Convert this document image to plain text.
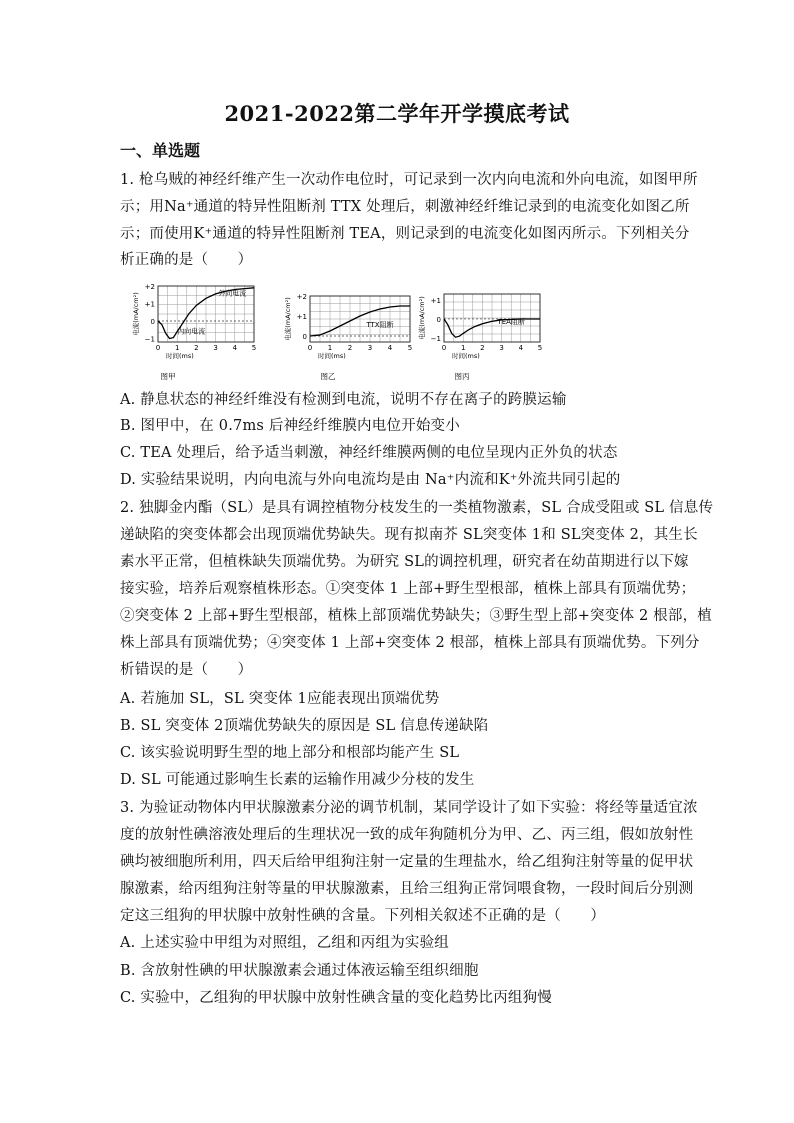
2021-2022第二学年开学摸底考试
一、单选题
1. 枪乌贼的神经纤维产生一次动作电位时，可记录到一次内向电流和外向电流，如图甲所
示；用Na⁺通道的特异性阻断剂 TTX 处理后，刺激神经纤维记录到的电流变化如图乙所
示；而使用K⁺通道的特异性阻断剂 TEA，则记录到的电流变化如图丙所示。下列相关分
析正确的是（　　）
+2
+1
0
−1
0 1 2 3 4 5
时间(ms)
电流(mA/cm²)	外向电流
内向电流
图甲
+2
+1
0
0 1 2 3 4 5
时间(ms)
电流(mA/cm²)	TTX阻断
图乙
+1
0
−1
0 1 2 3 4 5
时间(ms)
电流(mA/cm²)	TEA阻断
图丙
A. 静息状态的神经纤维没有检测到电流，说明不存在离子的跨膜运输
B. 图甲中，在 0.7ms 后神经纤维膜内电位开始变小
C. TEA 处理后，给予适当刺激，神经纤维膜两侧的电位呈现内正外负的状态
D. 实验结果说明，内向电流与外向电流均是由 Na⁺内流和K⁺外流共同引起的
2. 独脚金内酯（SL）是具有调控植物分枝发生的一类植物激素，SL 合成受阻或 SL 信息传
递缺陷的突变体都会出现顶端优势缺失。现有拟南芥 SL突变体 1和 SL突变体 2，其生长
素水平正常，但植株缺失顶端优势。为研究 SL的调控机理，研究者在幼苗期进行以下嫁
接实验，培养后观察植株形态。①突变体 1 上部+野生型根部，植株上部具有顶端优势；
②突变体 2 上部+野生型根部，植株上部顶端优势缺失；③野生型上部+突变体 2 根部，植
株上部具有顶端优势；④突变体 1 上部+突变体 2 根部，植株上部具有顶端优势。下列分
析错误的是（　　）
A. 若施加 SL，SL 突变体 1应能表现出顶端优势
B. SL 突变体 2顶端优势缺失的原因是 SL 信息传递缺陷
C. 该实验说明野生型的地上部分和根部均能产生 SL
D. SL 可能通过影响生长素的运输作用减少分枝的发生
3. 为验证动物体内甲状腺激素分泌的调节机制，某同学设计了如下实验：将经等量适宜浓
度的放射性碘溶液处理后的生理状况一致的成年狗随机分为甲、乙、丙三组，假如放射性
碘均被细胞所利用，四天后给甲组狗注射一定量的生理盐水，给乙组狗注射等量的促甲状
腺激素，给丙组狗注射等量的甲状腺激素，且给三组狗正常饲喂食物，一段时间后分别测
定这三组狗的甲状腺中放射性碘的含量。下列相关叙述不正确的是（　　）
A. 上述实验中甲组为对照组，乙组和丙组为实验组
B. 含放射性碘的甲状腺激素会通过体液运输至组织细胞
C. 实验中，乙组狗的甲状腺中放射性碘含量的变化趋势比丙组狗慢
